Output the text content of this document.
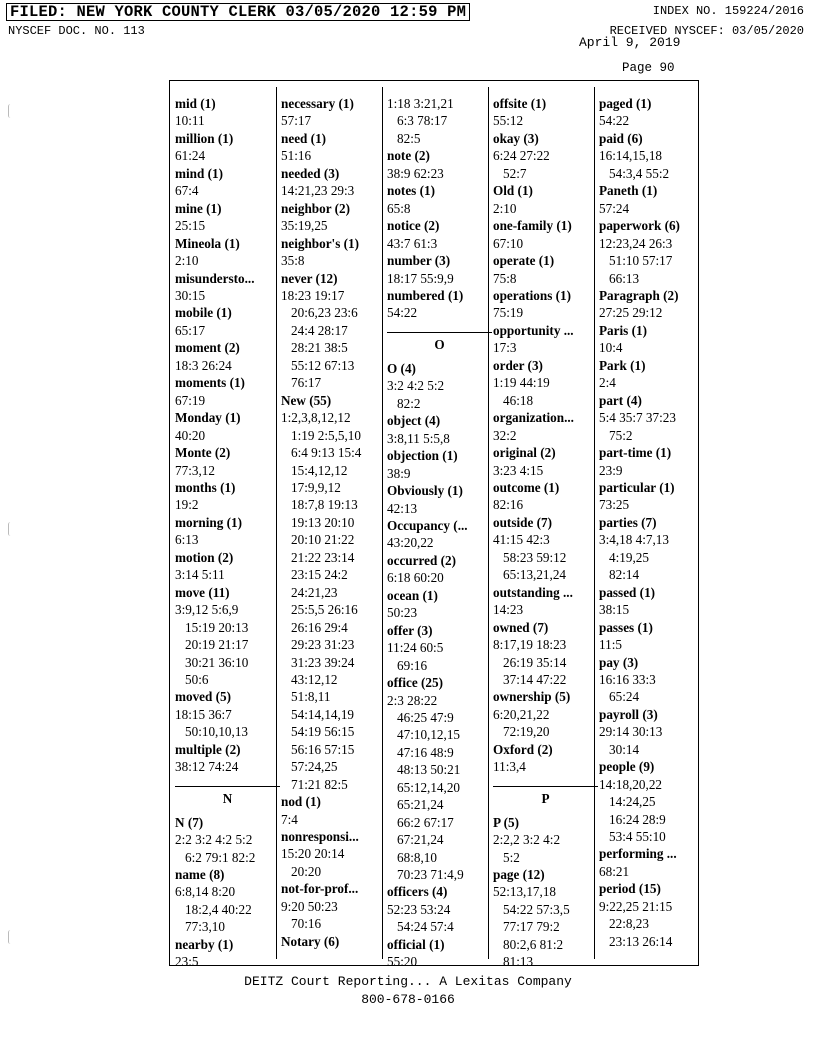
FILED: NEW YORK COUNTY CLERK 03/05/2020 12:59 PM	INDEX NO. 159224/2016
NYSCEF DOC. NO. 113	RECEIVED NYSCEF: 03/05/2020
April 9, 2019
Page 90
mid (1)
10:11
million (1)
61:24
mind (1)
67:4
mine (1)
25:15
Mineola (1)
2:10
misundersto...
30:15
mobile (1)
65:17
moment (2)
18:3 26:24
moments (1)
67:19
Monday (1)
40:20
Monte (2)
77:3,12
months (1)
19:2
morning (1)
6:13
motion (2)
3:14 5:11
move (11)
3:9,12 5:6,9
15:19 20:13
20:19 21:17
30:21 36:10
50:6
moved (5)
18:15 36:7
50:10,10,13
multiple (2)
38:12 74:24
N
N (7)
2:2 3:2 4:2 5:2
6:2 79:1 82:2
name (8)
6:8,14 8:20
18:2,4 40:22
77:3,10
nearby (1)
23:5
necessary (1)
57:17
need (1)
51:16
needed (3)
14:21,23 29:3
neighbor (2)
35:19,25
neighbor's (1)
35:8
never (12)
18:23 19:17
20:6,23 23:6
24:4 28:17
28:21 38:5
55:12 67:13
76:17
New (55)
1:2,3,8,12,12
1:19 2:5,5,10
6:4 9:13 15:4
15:4,12,12
17:9,9,12
18:7,8 19:13
19:13 20:10
20:10 21:22
21:22 23:14
23:15 24:2
24:21,23
25:5,5 26:16
26:16 29:4
29:23 31:23
31:23 39:24
43:12,12
51:8,11
54:14,14,19
54:19 56:15
56:16 57:15
57:24,25
71:21 82:5
nod (1)
7:4
nonresponsi...
15:20 20:14
20:20
not-for-prof...
9:20 50:23
70:16
Notary (6)
1:18 3:21,21
6:3 78:17
82:5
note (2)
38:9 62:23
notes (1)
65:8
notice (2)
43:7 61:3
number (3)
18:17 55:9,9
numbered (1)
54:22
O
O (4)
3:2 4:2 5:2
82:2
object (4)
3:8,11 5:5,8
objection (1)
38:9
Obviously (1)
42:13
Occupancy (...
43:20,22
occurred (2)
6:18 60:20
ocean (1)
50:23
offer (3)
11:24 60:5
69:16
office (25)
2:3 28:22
46:25 47:9
47:10,12,15
47:16 48:9
48:13 50:21
65:12,14,20
65:21,24
66:2 67:17
67:21,24
68:8,10
70:23 71:4,9
officers (4)
52:23 53:24
54:24 57:4
official (1)
55:20
offsite (1)
55:12
okay (3)
6:24 27:22
52:7
Old (1)
2:10
one-family (1)
67:10
operate (1)
75:8
operations (1)
75:19
opportunity ...
17:3
order (3)
1:19 44:19
46:18
organization...
32:2
original (2)
3:23 4:15
outcome (1)
82:16
outside (7)
41:15 42:3
58:23 59:12
65:13,21,24
outstanding ...
14:23
owned (7)
8:17,19 18:23
26:19 35:14
37:14 47:22
ownership (5)
6:20,21,22
72:19,20
Oxford (2)
11:3,4
P
P (5)
2:2,2 3:2 4:2
5:2
page (12)
52:13,17,18
54:22 57:3,5
77:17 79:2
80:2,6 81:2
81:13
paged (1)
54:22
paid (6)
16:14,15,18
54:3,4 55:2
Paneth (1)
57:24
paperwork (6)
12:23,24 26:3
51:10 57:17
66:13
Paragraph (2)
27:25 29:12
Paris (1)
10:4
Park (1)
2:4
part (4)
5:4 35:7 37:23
75:2
part-time (1)
23:9
particular (1)
73:25
parties (7)
3:4,18 4:7,13
4:19,25
82:14
passed (1)
38:15
passes (1)
11:5
pay (3)
16:16 33:3
65:24
payroll (3)
29:14 30:13
30:14
people (9)
14:18,20,22
14:24,25
16:24 28:9
53:4 55:10
performing ...
68:21
period (15)
9:22,25 21:15
22:8,23
23:13 26:14
DEITZ Court Reporting... A Lexitas Company
800-678-0166
